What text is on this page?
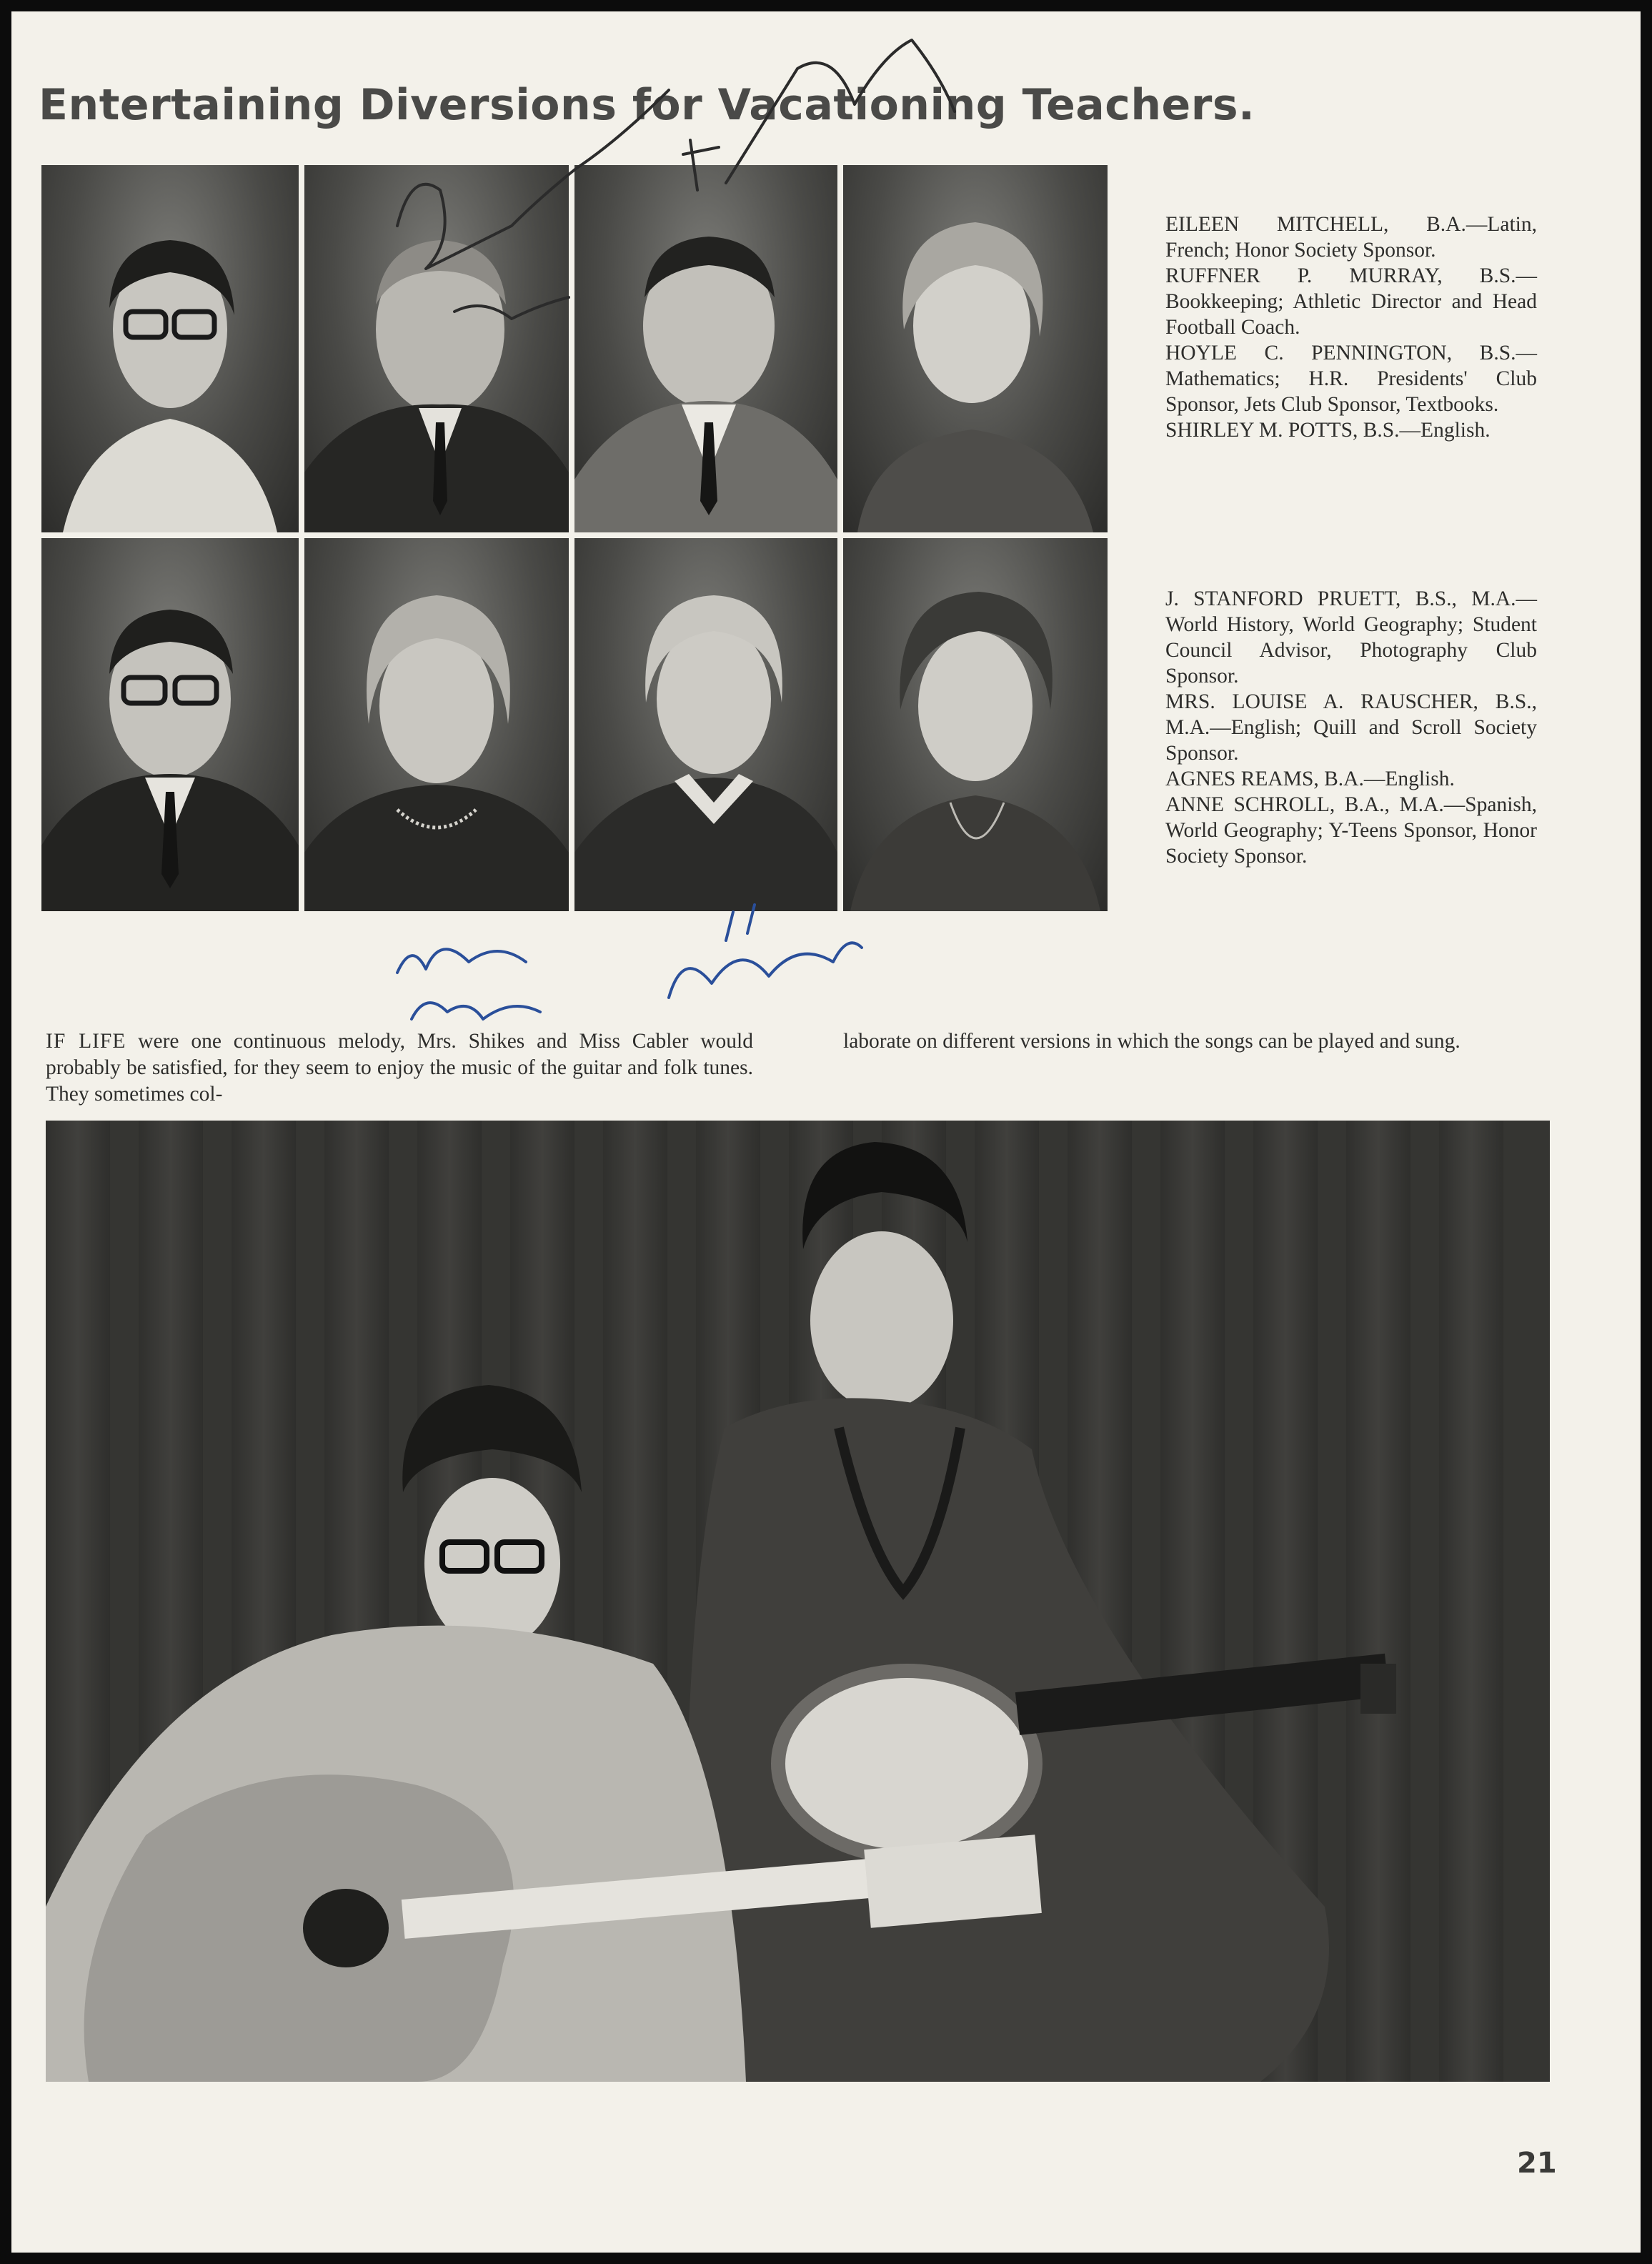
Entertaining Diversions for Vacationing Teachers.

EILEEN MITCHELL, B.A.—Latin, French; Honor Society Sponsor.

RUFFNER P. MURRAY, B.S.—Bookkeeping; Athletic Director and Head Football Coach.

HOYLE C. PENNINGTON, B.S.—Mathematics; H.R. Presidents' Club Sponsor, Jets Club Sponsor, Textbooks.

SHIRLEY M. POTTS, B.S.—English.

J. STANFORD PRUETT, B.S., M.A.—World History, World Geography; Student Council Advisor, Photography Club Sponsor.

MRS. LOUISE A. RAUSCHER, B.S., M.A.—English; Quill and Scroll Society Sponsor.

AGNES REAMS, B.A.—English.

ANNE SCHROLL, B.A., M.A.—Spanish, World Geography; Y-Teens Sponsor, Honor Society Sponsor.

IF LIFE were one continuous melody, Mrs. Shikes and Miss Cabler would probably be satisfied, for they seem to enjoy the music of the guitar and folk tunes. They sometimes col-

laborate on different versions in which the songs can be played and sung.

21
